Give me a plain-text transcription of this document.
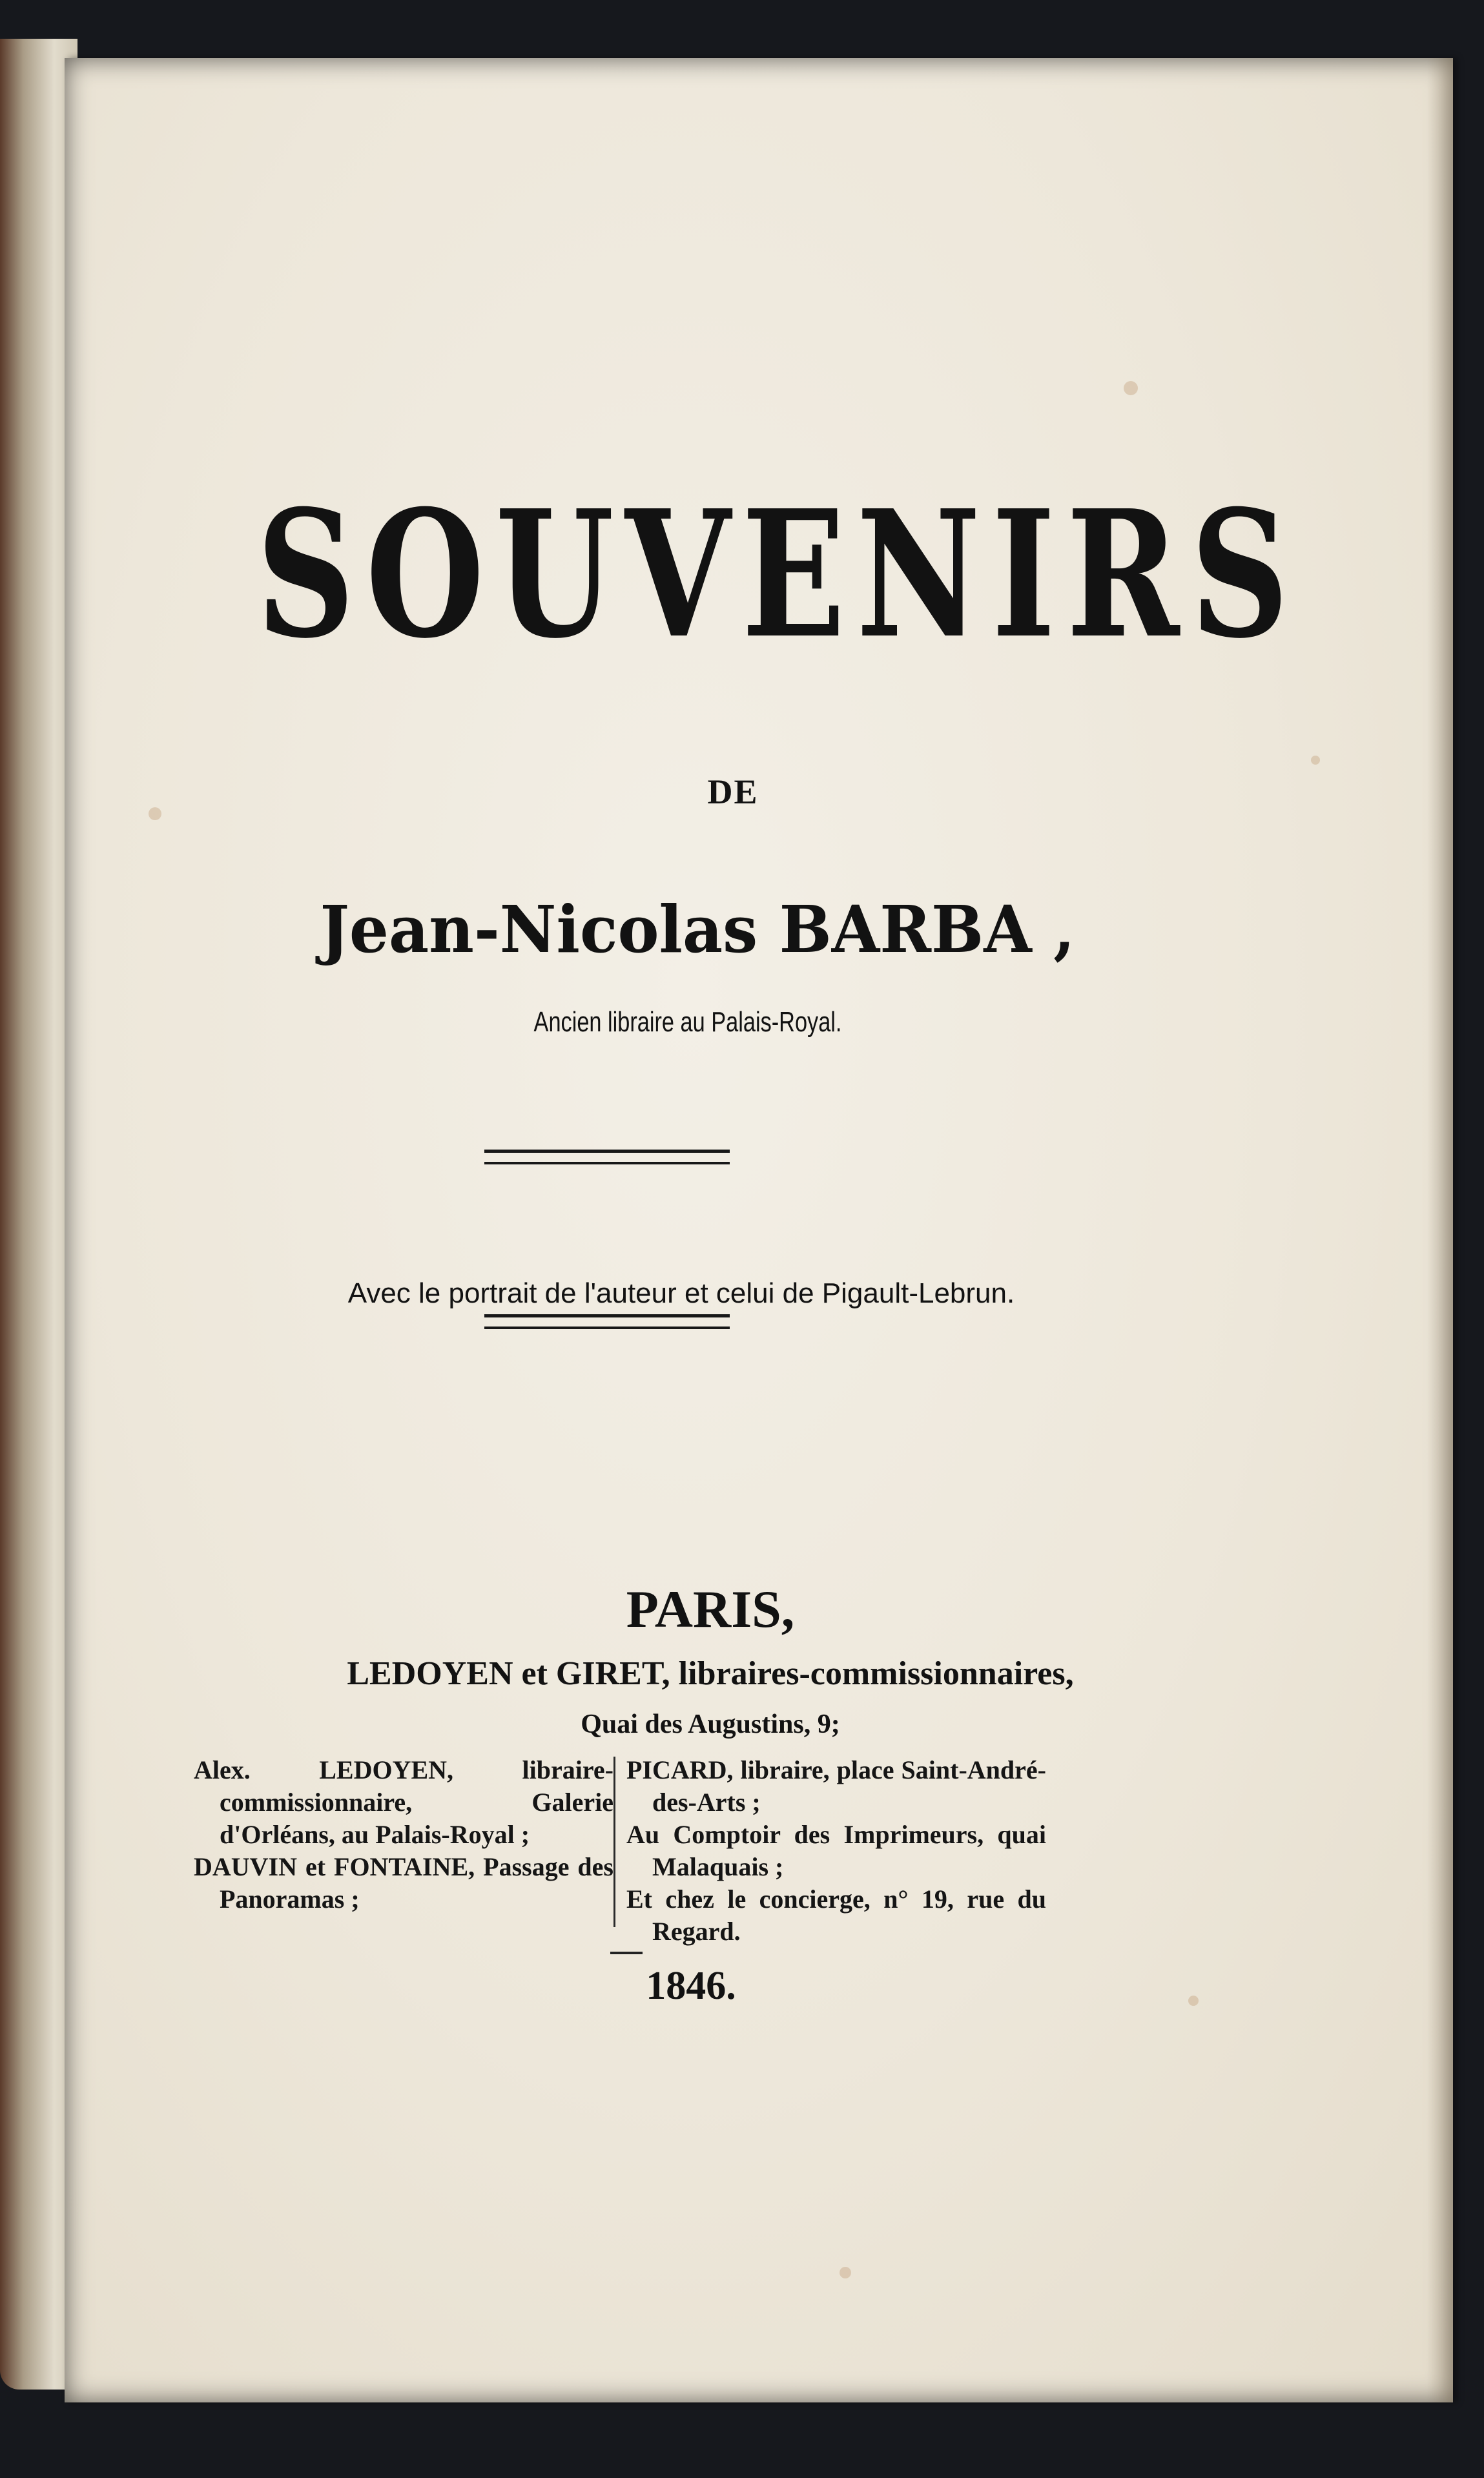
SOUVENIRS
DE
Jean-Nicolas BARBA ,
Ancien libraire au Palais-Royal.
Avec le portrait de l'auteur et celui de Pigault-Lebrun.
PARIS,
LEDOYEN et GIRET, libraires-commissionnaires,
Quai des Augustins, 9;

Alex. LEDOYEN, libraire-commissionnaire, Galerie d'Orléans, au Palais-Royal ;

DAUVIN et FONTAINE, Passage des Panoramas ;

PICARD, libraire, place Saint-André-des-Arts ;

Au Comptoir des Imprimeurs, quai Malaquais ;

Et chez le concierge, n° 19, rue du Regard.

1846.
